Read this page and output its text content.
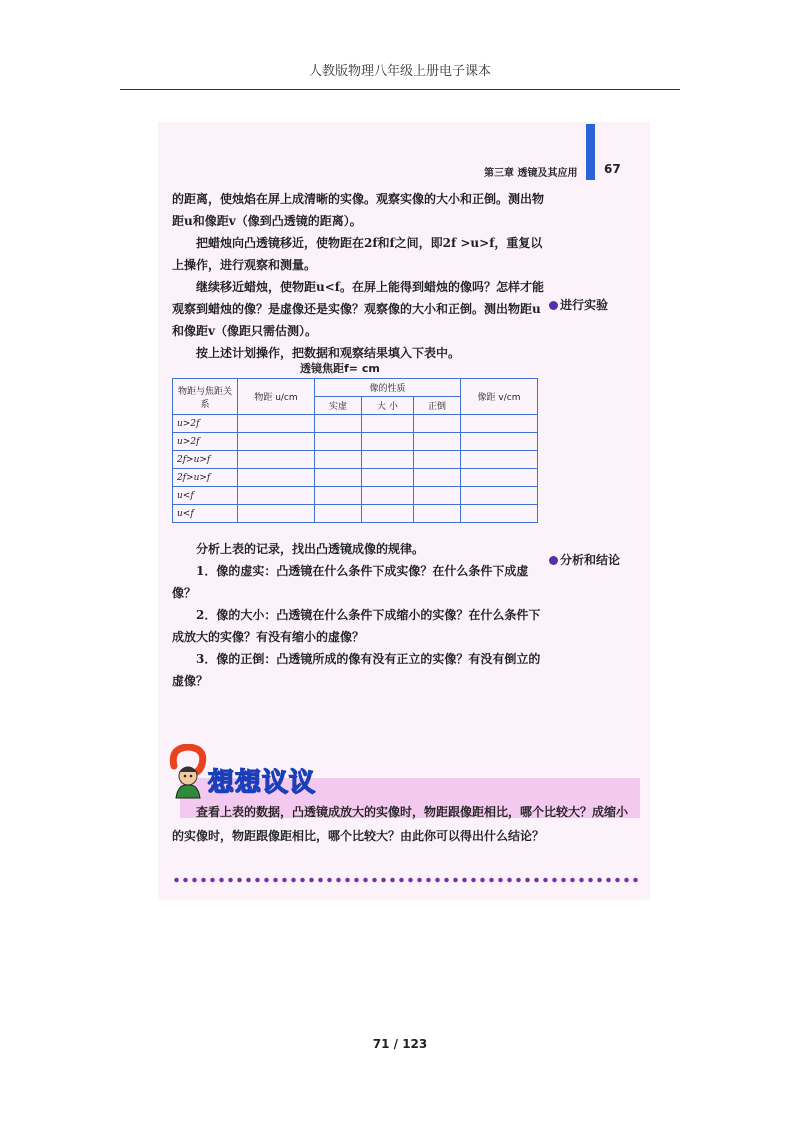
人教版物理八年级上册电子课本
第三章 透镜及其应用 67

的距离，使烛焰在屏上成清晰的实像。观察实像的大小和正倒。测出物距u和像距v（像到凸透镜的距离）。

把蜡烛向凸透镜移近，使物距在2f和f之间，即2f >u>f，重复以上操作，进行观察和测量。

继续移近蜡烛，使物距u<f。在屏上能得到蜡烛的像吗？怎样才能观察到蜡烛的像？是虚像还是实像？观察像的大小和正倒。测出物距u和像距v（像距只需估测）。

按上述计划操作，把数据和观察结果填入下表中。

进行实验
透镜焦距f= cm
物距与焦距关系	物距 u/cm	像的性质			像距 v/cm
		实虚	大 小	正倒	
u>2f					
u>2f					
2f>u>f					
2f>u>f					
u<f					
u<f					

分析上表的记录，找出凸透镜成像的规律。

1．像的虚实：凸透镜在什么条件下成实像？在什么条件下成虚像？

2．像的大小：凸透镜在什么条件下成缩小的实像？在什么条件下成放大的实像？有没有缩小的虚像？

3．像的正倒：凸透镜所成的像有没有正立的实像？有没有倒立的虚像？

分析和结论
想想议议

查看上表的数据，凸透镜成放大的实像时，物距跟像距相比，哪个比较大？成缩小的实像时，物距跟像距相比，哪个比较大？由此你可以得出什么结论？

71 / 123
